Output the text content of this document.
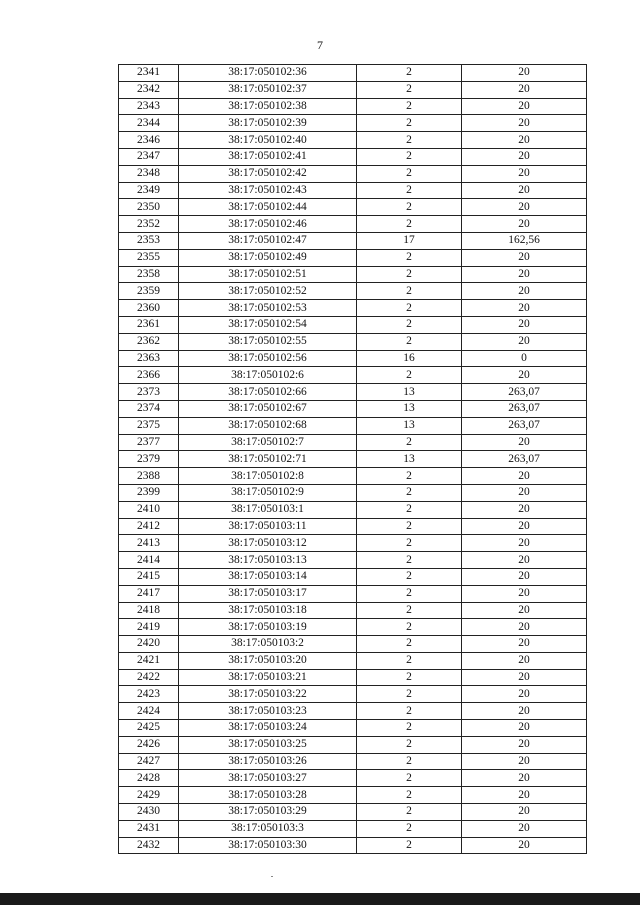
7
2341	38:17:050102:36	2	20
2342	38:17:050102:37	2	20
2343	38:17:050102:38	2	20
2344	38:17:050102:39	2	20
2346	38:17:050102:40	2	20
2347	38:17:050102:41	2	20
2348	38:17:050102:42	2	20
2349	38:17:050102:43	2	20
2350	38:17:050102:44	2	20
2352	38:17:050102:46	2	20
2353	38:17:050102:47	17	162,56
2355	38:17:050102:49	2	20
2358	38:17:050102:51	2	20
2359	38:17:050102:52	2	20
2360	38:17:050102:53	2	20
2361	38:17:050102:54	2	20
2362	38:17:050102:55	2	20
2363	38:17:050102:56	16	0
2366	38:17:050102:6	2	20
2373	38:17:050102:66	13	263,07
2374	38:17:050102:67	13	263,07
2375	38:17:050102:68	13	263,07
2377	38:17:050102:7	2	20
2379	38:17:050102:71	13	263,07
2388	38:17:050102:8	2	20
2399	38:17:050102:9	2	20
2410	38:17:050103:1	2	20
2412	38:17:050103:11	2	20
2413	38:17:050103:12	2	20
2414	38:17:050103:13	2	20
2415	38:17:050103:14	2	20
2417	38:17:050103:17	2	20
2418	38:17:050103:18	2	20
2419	38:17:050103:19	2	20
2420	38:17:050103:2	2	20
2421	38:17:050103:20	2	20
2422	38:17:050103:21	2	20
2423	38:17:050103:22	2	20
2424	38:17:050103:23	2	20
2425	38:17:050103:24	2	20
2426	38:17:050103:25	2	20
2427	38:17:050103:26	2	20
2428	38:17:050103:27	2	20
2429	38:17:050103:28	2	20
2430	38:17:050103:29	2	20
2431	38:17:050103:3	2	20
2432	38:17:050103:30	2	20
